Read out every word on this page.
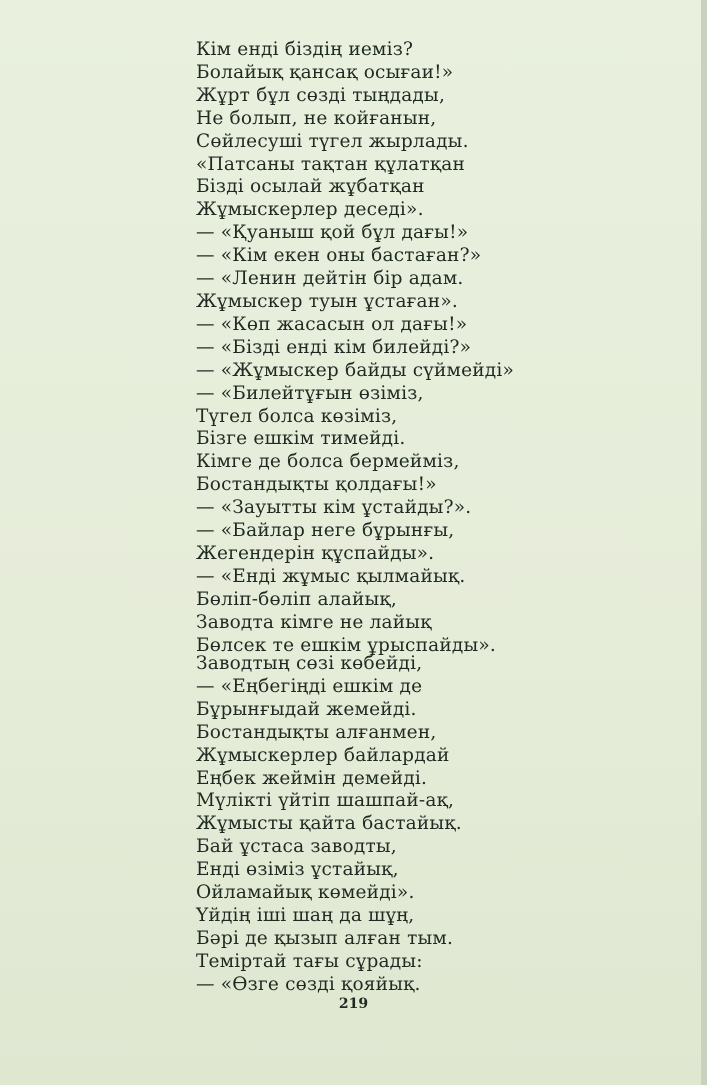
Кім енді біздің иеміз?
Болайық қансақ осығаи!»
Жұрт бұл сөзді тыңдады,
Не болып, не койғанын,
Сөйлесуші түгел жырлады.
«Патсаны тақтан құлатқан
Бізді осылай жұбатқан
Жұмыскерлер деседі».
— «Қуаныш қой бұл дағы!»
— «Кім екен оны бастаған?»
— «Ленин дейтін бір адам.
Жұмыскер туын ұстаған».
— «Көп жасасын ол дағы!»
— «Бізді енді кім билейді?»
— «Жұмыскер байды сүймейді»
— «Билейтұғын өзіміз,
Түгел болса көзіміз,
Бізге ешкім тимейді.
Кімге де болса бермейміз,
Бостандықты қолдағы!»
— «Зауытты кім ұстайды?».
— «Байлар неге бұрынғы,
Жегендерін құспайды».
— «Енді жұмыс қылмайық.
Бөліп-бөліп алайық,
Заводта кімге не лайық
Бөлсек те ешкім ұрыспайды».
Заводтың сөзі көбейді,
— «Еңбегіңді ешкім де
Бұрынғыдай жемейді.
Бостандықты алғанмен,
Жұмыскерлер байлардай
Еңбек жеймін демейді.
Мүлікті үйтіп шашпай-ақ,
Жұмысты қайта бастайық.
Бай ұстаса заводты,
Енді өзіміз ұстайық,
Ойламайық көмейді».
Үйдің іші шаң да шұң,
Бәрі де қызып алған тым.
Теміртай тағы сұрады:
— «Өзге сөзді қояйық.
219
